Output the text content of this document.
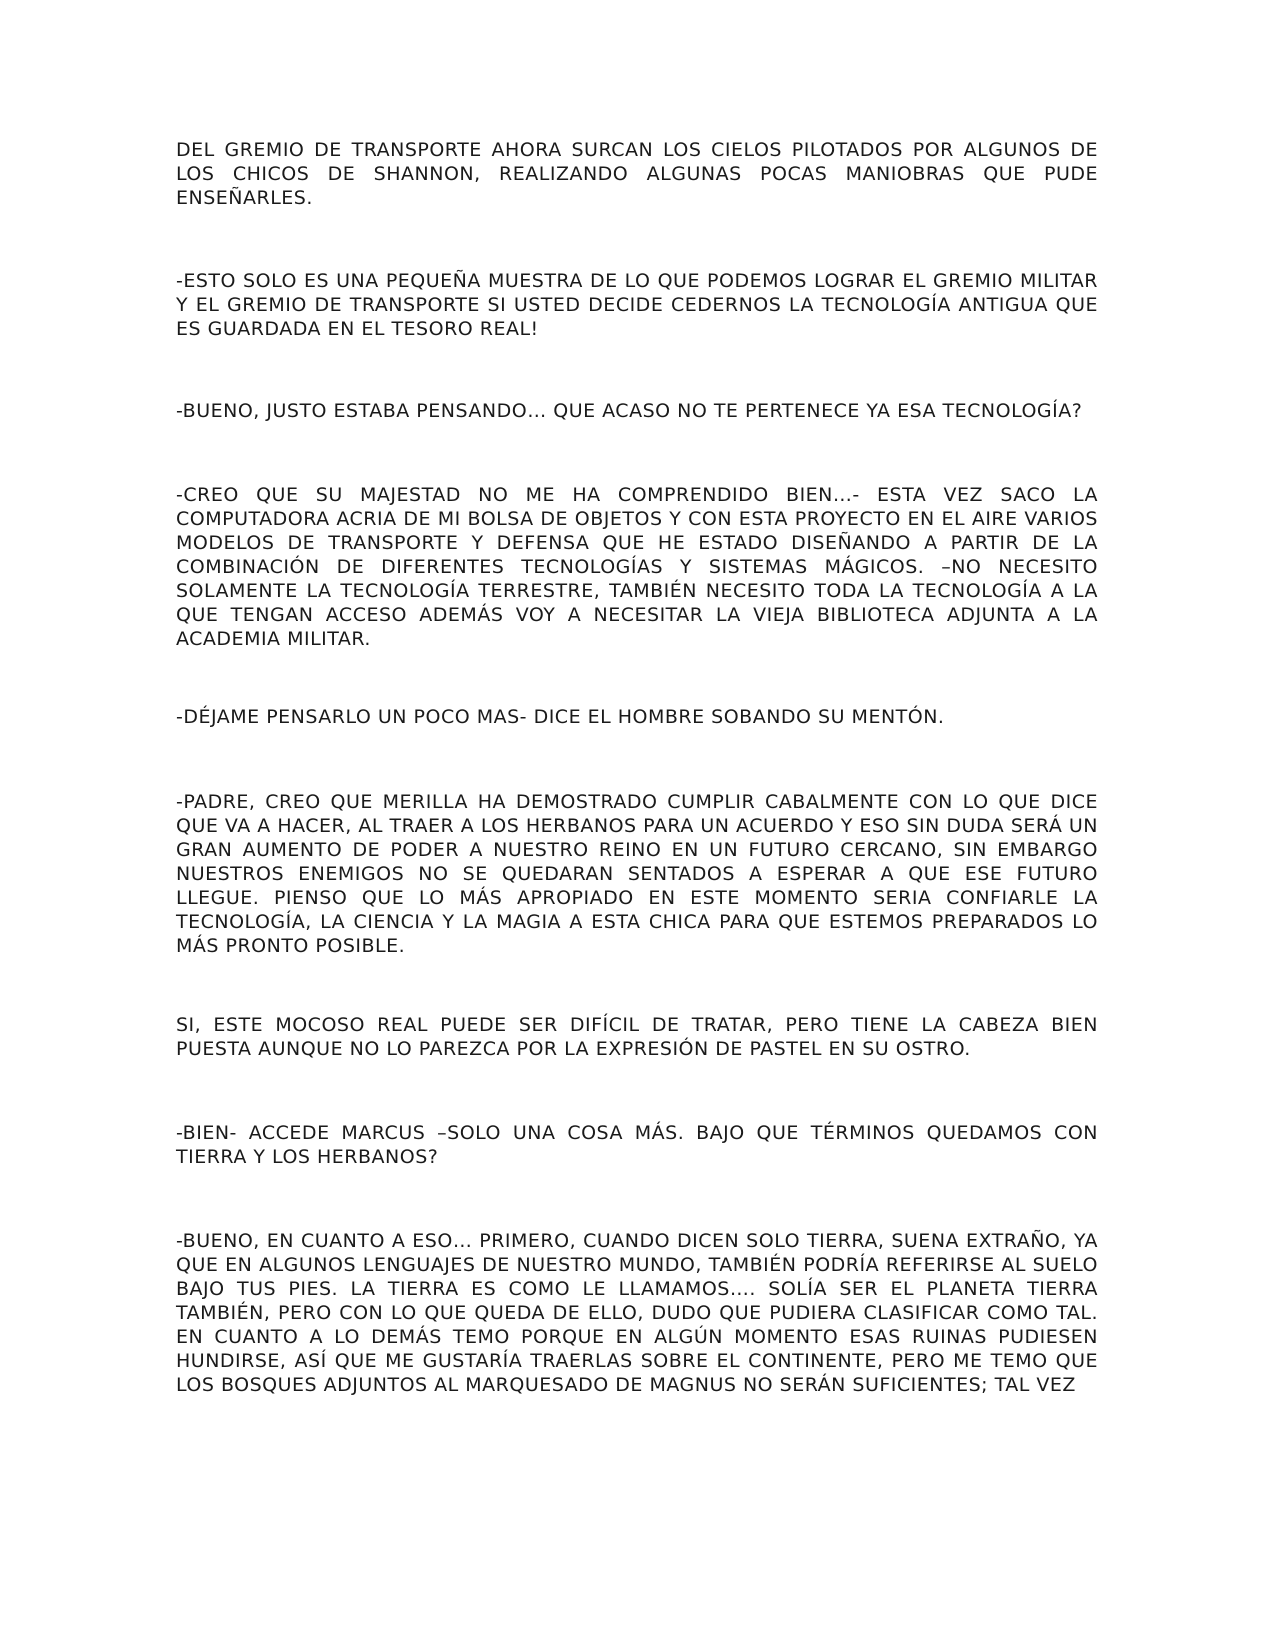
DEL GREMIO DE TRANSPORTE AHORA SURCAN LOS CIELOS PILOTADOS POR ALGUNOS DE LOS CHICOS DE SHANNON, REALIZANDO ALGUNAS POCAS MANIOBRAS QUE PUDE ENSEÑARLES.

-ESTO SOLO ES UNA PEQUEÑA MUESTRA DE LO QUE PODEMOS LOGRAR EL GREMIO MILITAR Y EL GREMIO DE TRANSPORTE SI USTED DECIDE CEDERNOS LA TECNOLOGÍA ANTIGUA QUE ES GUARDADA EN EL TESORO REAL!

-BUENO, JUSTO ESTABA PENSANDO… QUE ACASO NO TE PERTENECE YA ESA TECNOLOGÍA?

-CREO QUE SU MAJESTAD NO ME HA COMPRENDIDO BIEN…- ESTA VEZ SACO LA COMPUTADORA ACRIA DE MI BOLSA DE OBJETOS Y CON ESTA PROYECTO EN EL AIRE VARIOS MODELOS DE TRANSPORTE Y DEFENSA QUE HE ESTADO DISEÑANDO A PARTIR DE LA COMBINACIÓN DE DIFERENTES TECNOLOGÍAS Y SISTEMAS MÁGICOS. –NO NECESITO SOLAMENTE LA TECNOLOGÍA TERRESTRE, TAMBIÉN NECESITO TODA LA TECNOLOGÍA A LA QUE TENGAN ACCESO ADEMÁS VOY A NECESITAR LA VIEJA BIBLIOTECA ADJUNTA A LA ACADEMIA MILITAR.

-DÉJAME PENSARLO UN POCO MAS- DICE EL HOMBRE SOBANDO SU MENTÓN.

-PADRE, CREO QUE MERILLA HA DEMOSTRADO CUMPLIR CABALMENTE CON LO QUE DICE QUE VA A HACER, AL TRAER A LOS HERBANOS PARA UN ACUERDO Y ESO SIN DUDA SERÁ UN GRAN AUMENTO DE PODER A NUESTRO REINO EN UN FUTURO CERCANO, SIN EMBARGO NUESTROS ENEMIGOS NO SE QUEDARAN SENTADOS A ESPERAR A QUE ESE FUTURO LLEGUE. PIENSO QUE LO MÁS APROPIADO EN ESTE MOMENTO SERIA CONFIARLE LA TECNOLOGÍA, LA CIENCIA Y LA MAGIA A ESTA CHICA PARA QUE ESTEMOS PREPARADOS LO MÁS PRONTO POSIBLE.

SI, ESTE MOCOSO REAL PUEDE SER DIFÍCIL DE TRATAR, PERO TIENE LA CABEZA BIEN PUESTA AUNQUE NO LO PAREZCA POR LA EXPRESIÓN DE PASTEL EN SU OSTRO.

-BIEN- ACCEDE MARCUS –SOLO UNA COSA MÁS. BAJO QUE TÉRMINOS QUEDAMOS CON TIERRA Y LOS HERBANOS?

-BUENO, EN CUANTO A ESO… PRIMERO, CUANDO DICEN SOLO TIERRA, SUENA EXTRAÑO, YA QUE EN ALGUNOS LENGUAJES DE NUESTRO MUNDO, TAMBIÉN PODRÍA REFERIRSE AL SUELO BAJO TUS PIES. LA TIERRA ES COMO LE LLAMAMOS…. SOLÍA SER EL PLANETA TIERRA TAMBIÉN, PERO CON LO QUE QUEDA DE ELLO, DUDO QUE PUDIERA CLASIFICAR COMO TAL. EN CUANTO A LO DEMÁS TEMO PORQUE EN ALGÚN MOMENTO ESAS RUINAS PUDIESEN HUNDIRSE, ASÍ QUE ME GUSTARÍA TRAERLAS SOBRE EL CONTINENTE, PERO ME TEMO QUE LOS BOSQUES ADJUNTOS AL MARQUESADO DE MAGNUS NO SERÁN SUFICIENTES; TAL VEZ
